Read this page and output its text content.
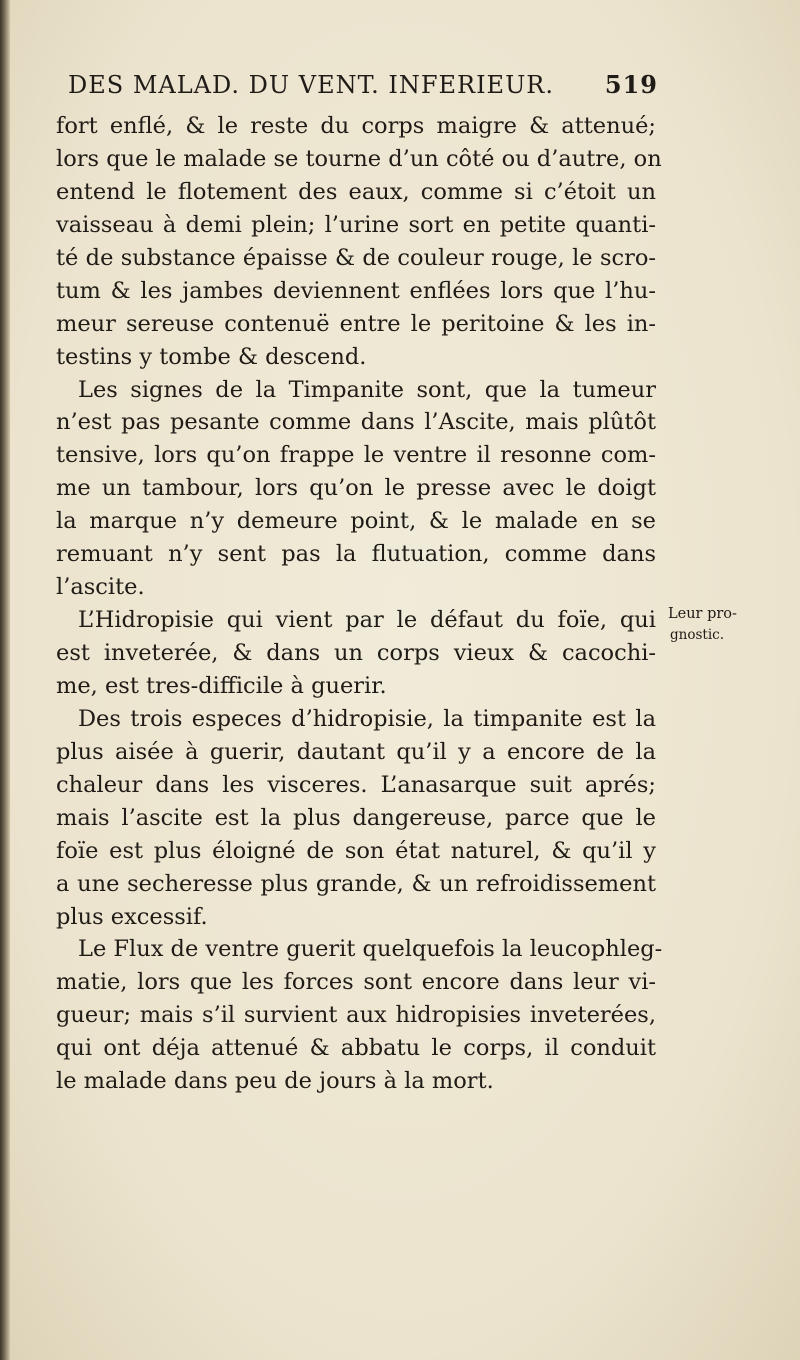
DES MALAD. DU VENT. INFERIEUR. 519
fort enflé, & le reste du corps maigre & attenué;
lors que le malade se tourne d’un côté ou d’autre, on
entend le flotement des eaux, comme si c’étoit un
vaisseau à demi plein; l’urine sort en petite quanti-
té de substance épaisse & de couleur rouge, le scro-
tum & les jambes deviennent enflées lors que l’hu-
meur sereuse contenuë entre le peritoine & les in-
testins y tombe & descend.
Les signes de la Timpanite sont, que la tumeur
n’est pas pesante comme dans l’Ascite, mais plûtôt
tensive, lors qu’on frappe le ventre il resonne com-
me un tambour, lors qu’on le presse avec le doigt
la marque n’y demeure point, & le malade en se
remuant n’y sent pas la flutuation, comme dans
l’ascite.
L’Hidropisie qui vient par le défaut du foïe, qui
est inveterée, & dans un corps vieux & cacochi-
me, est tres-difficile à guerir.
Des trois especes d’hidropisie, la timpanite est la
plus aisée à guerir, dautant qu’il y a encore de la
chaleur dans les visceres. L’anasarque suit aprés;
mais l’ascite est la plus dangereuse, parce que le
foïe est plus éloigné de son état naturel, & qu’il y
a une secheresse plus grande, & un refroidissement
plus excessif.
Le Flux de ventre guerit quelquefois la leucophleg-
matie, lors que les forces sont encore dans leur vi-
gueur; mais s’il survient aux hidropisies inveterées,
qui ont déja attenué & abbatu le corps, il conduit
le malade dans peu de jours à la mort.
Leur pro-
gnostic.
